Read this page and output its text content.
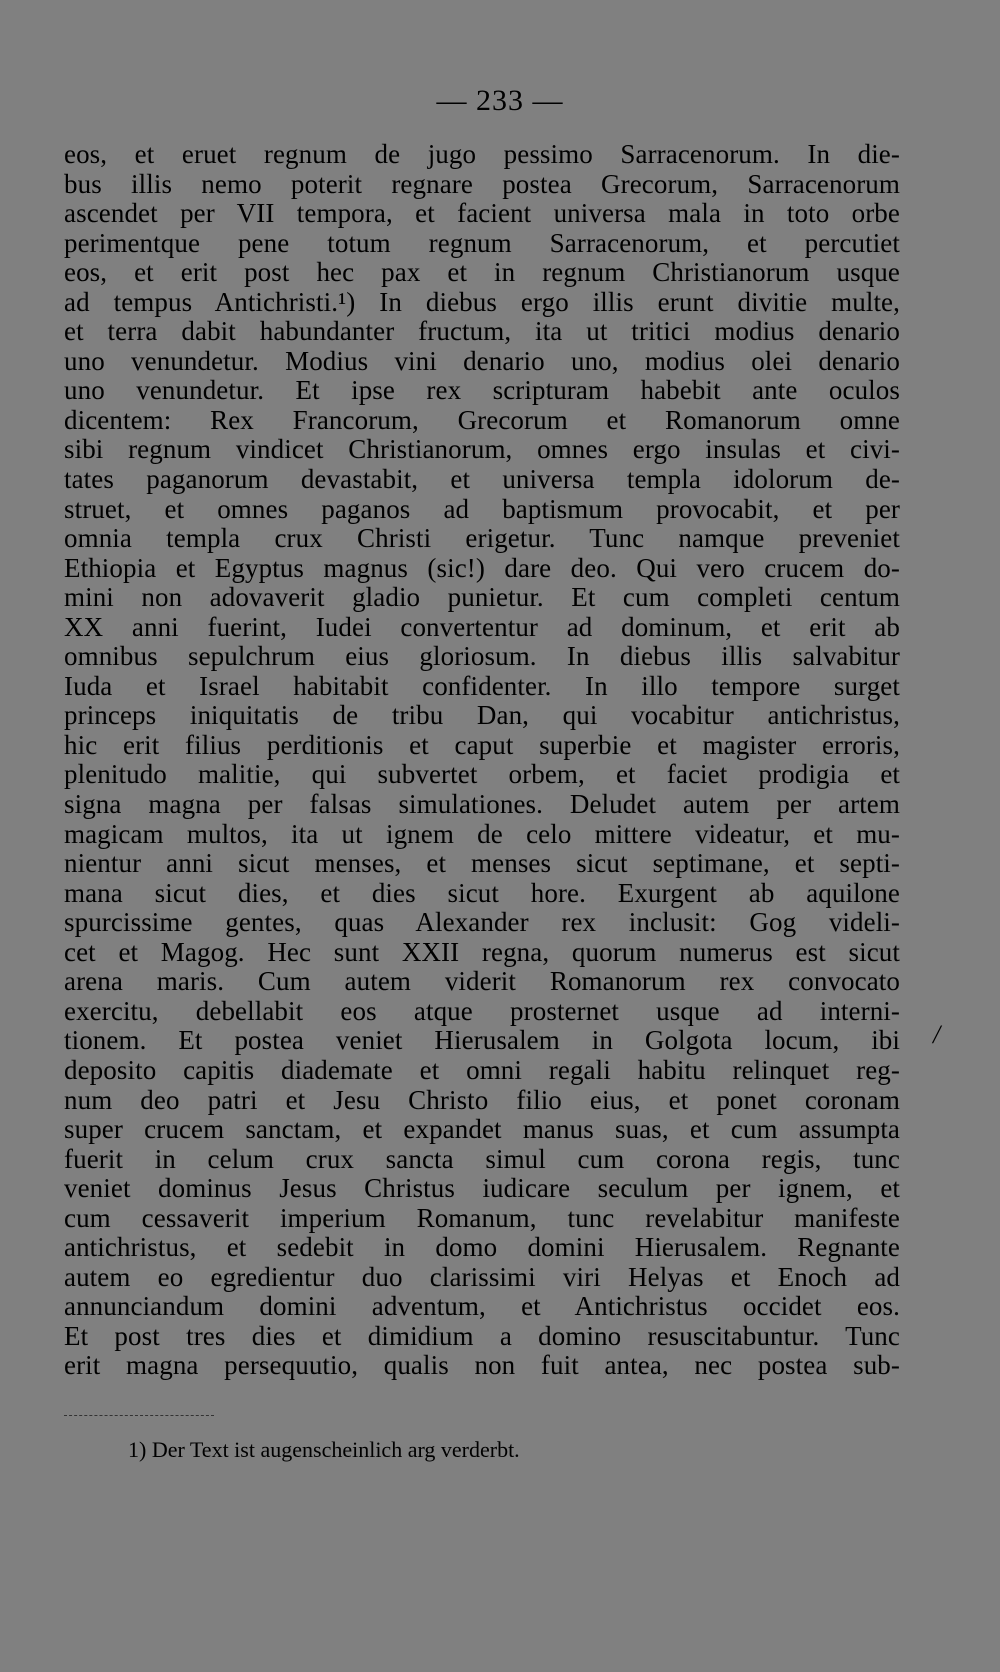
— 233 —
eos, et eruet regnum de jugo pessimo Sarracenorum. In die-
bus illis nemo poterit regnare postea Grecorum, Sarracenorum
ascendet per VII tempora, et facient universa mala in toto orbe
perimentque pene totum regnum Sarracenorum, et percutiet
eos, et erit post hec pax et in regnum Christianorum usque
ad tempus Antichristi.¹) In diebus ergo illis erunt divitie multe,
et terra dabit habundanter fructum, ita ut tritici modius denario
uno venundetur. Modius vini denario uno, modius olei denario
uno venundetur. Et ipse rex scripturam habebit ante oculos
dicentem: Rex Francorum, Grecorum et Romanorum omne
sibi regnum vindicet Christianorum, omnes ergo insulas et civi-
tates paganorum devastabit, et universa templa idolorum de-
struet, et omnes paganos ad baptismum provocabit, et per
omnia templa crux Christi erigetur. Tunc namque preveniet
Ethiopia et Egyptus magnus (sic!) dare deo. Qui vero crucem do-
mini non adovaverit gladio punietur. Et cum completi centum
XX anni fuerint, Iudei convertentur ad dominum, et erit ab
omnibus sepulchrum eius gloriosum. In diebus illis salvabitur
Iuda et Israel habitabit confidenter. In illo tempore surget
princeps iniquitatis de tribu Dan, qui vocabitur antichristus,
hic erit filius perditionis et caput superbie et magister erroris,
plenitudo malitie, qui subvertet orbem, et faciet prodigia et
signa magna per falsas simulationes. Deludet autem per artem
magicam multos, ita ut ignem de celo mittere videatur, et mu-
nientur anni sicut menses, et menses sicut septimane, et septi-
mana sicut dies, et dies sicut hore. Exurgent ab aquilone
spurcissime gentes, quas Alexander rex inclusit: Gog videli-
cet et Magog. Hec sunt XXII regna, quorum numerus est sicut
arena maris. Cum autem viderit Romanorum rex convocato
exercitu, debellabit eos atque prosternet usque ad interni-
tionem. Et postea veniet Hierusalem in Golgota locum, ibi
deposito capitis diademate et omni regali habitu relinquet reg-
num deo patri et Jesu Christo filio eius, et ponet coronam
super crucem sanctam, et expandet manus suas, et cum assumpta
fuerit in celum crux sancta simul cum corona regis, tunc
veniet dominus Jesus Christus iudicare seculum per ignem, et
cum cessaverit imperium Romanum, tunc revelabitur manifeste
antichristus, et sedebit in domo domini Hierusalem. Regnante
autem eo egredientur duo clarissimi viri Helyas et Enoch ad
annunciandum domini adventum, et Antichristus occidet eos.
Et post tres dies et dimidium a domino resuscitabuntur. Tunc
erit magna persequutio, qualis non fuit antea, nec postea sub-
/
1) Der Text ist augenscheinlich arg verderbt.
